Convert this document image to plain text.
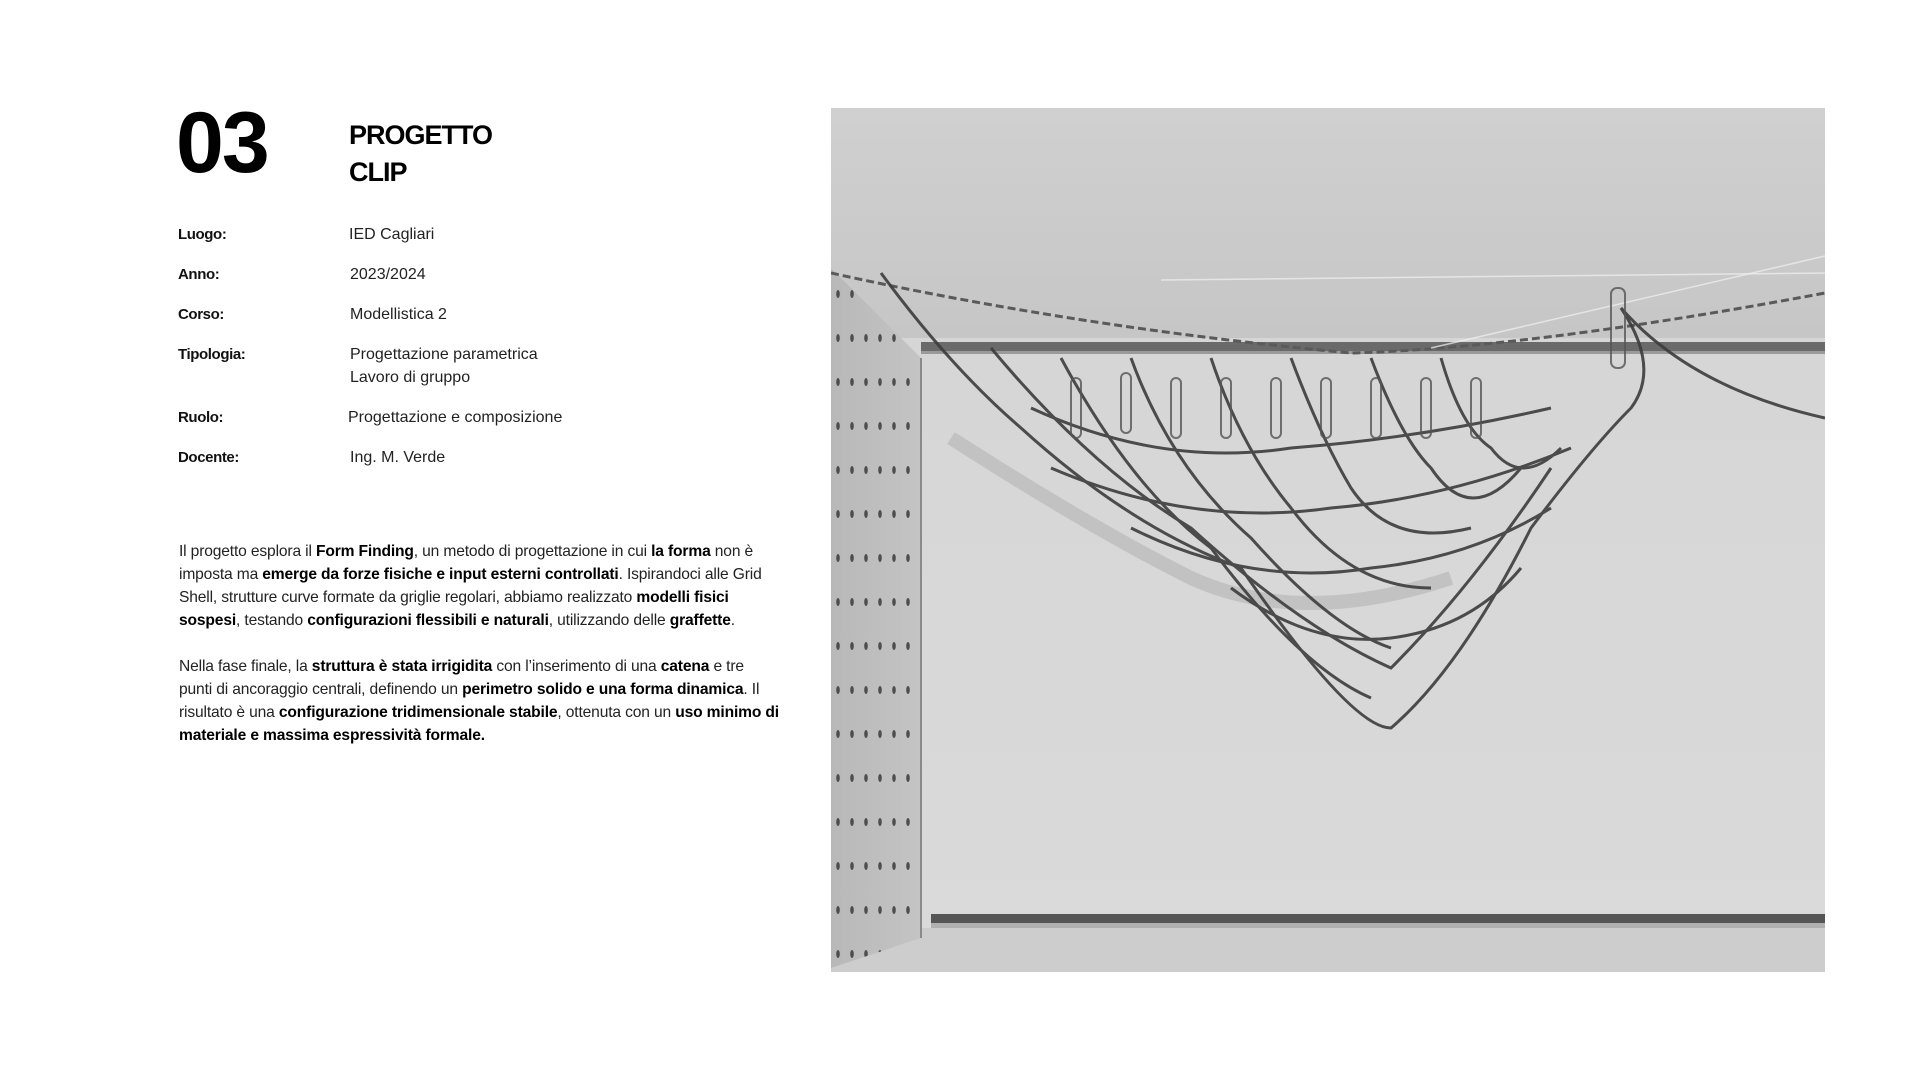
03	PROGETTO
CLIP
Luogo:	IED Cagliari
Anno:	2023/2024
Corso:	Modellistica 2
Tipologia:	Progettazione parametrica
Lavoro di gruppo
Ruolo:	Progettazione e composizione
Docente:	Ing. M. Verde

Il progetto esplora il Form Finding, un metodo di progettazione in cui la forma non è imposta ma emerge da forze fisiche e input esterni controllati. Ispirandoci alle Grid Shell, strutture curve formate da griglie regolari, abbiamo realizzato modelli fisici sospesi, testando configurazioni flessibili e naturali, utilizzando delle graffette.

Nella fase finale, la struttura è stata irrigidita con l’inserimento di una catena e tre punti di ancoraggio centrali, definendo un perimetro solido e una forma dinamica. Il risultato è una configurazione tridimensionale stabile, ottenuta con un uso minimo di materiale e massima espressività formale.
